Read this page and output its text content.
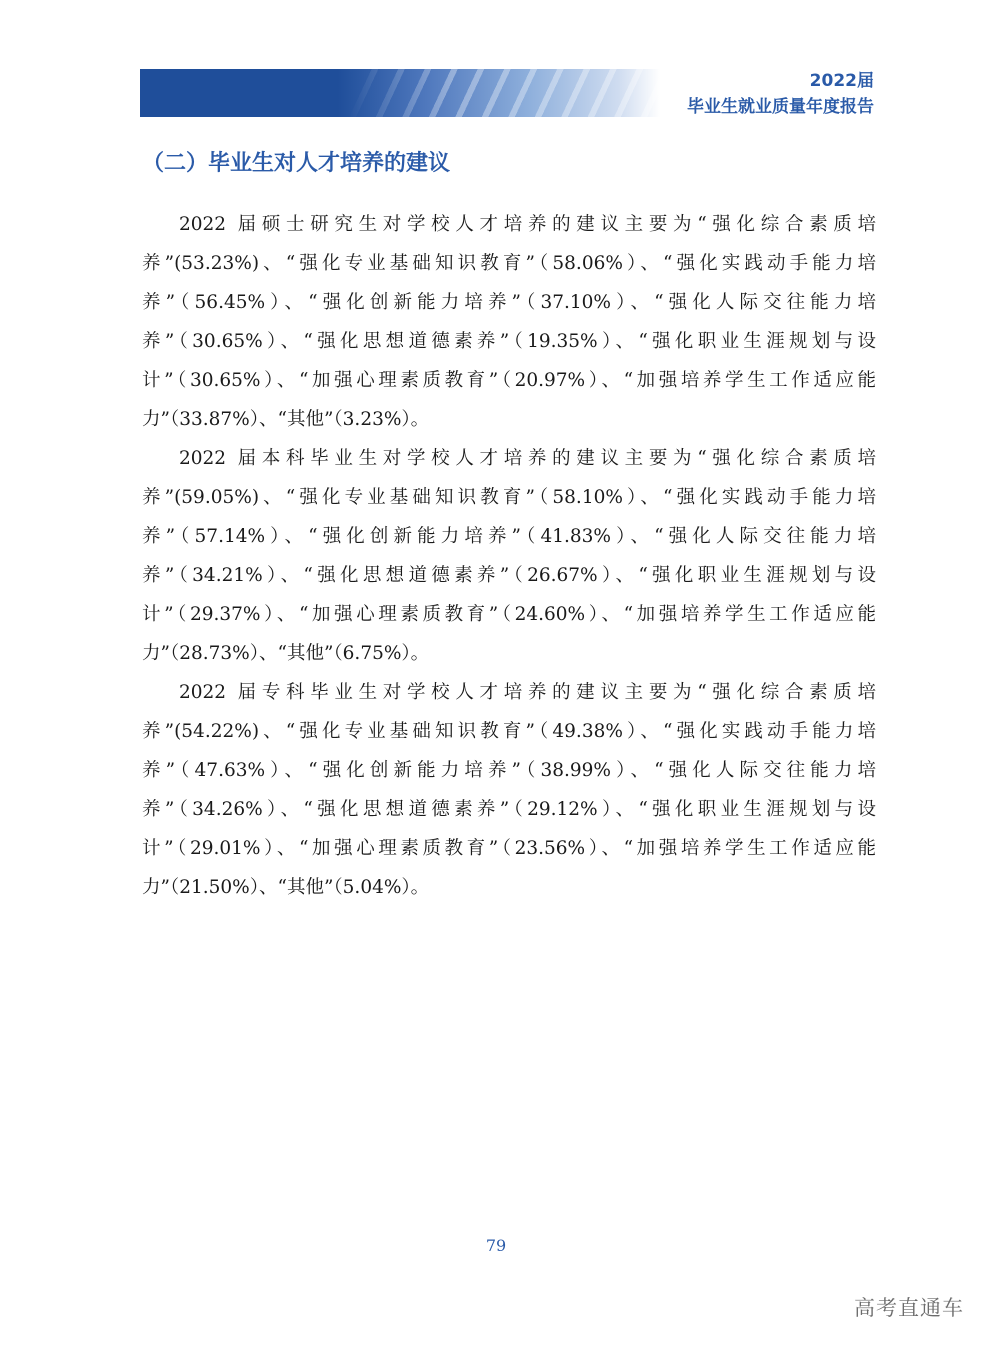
2022届
毕业生就业质量年度报告
（二）毕业生对人才培养的建议

2022 届硕士研究生对学校人才培养的建议主要为“强化综合素质培养”(53.23%)、“强化专业基础知识教育”（58.06%）、“强化实践动手能力培养”（56.45%）、“强化创新能力培养”（37.10%）、“强化人际交往能力培养”（30.65%）、“强化思想道德素养”（19.35%）、“强化职业生涯规划与设计”（30.65%）、“加强心理素质教育”（20.97%）、“加强培养学生工作适应能力”（33.87%）、“其他”（3.23%）。

2022 届本科毕业生对学校人才培养的建议主要为“强化综合素质培养”(59.05%)、“强化专业基础知识教育”（58.10%）、“强化实践动手能力培养”（57.14%）、“强化创新能力培养”（41.83%）、“强化人际交往能力培养”（34.21%）、“强化思想道德素养”（26.67%）、“强化职业生涯规划与设计”（29.37%）、“加强心理素质教育”（24.60%）、“加强培养学生工作适应能力”（28.73%）、“其他”（6.75%）。

2022 届专科毕业生对学校人才培养的建议主要为“强化综合素质培养”(54.22%)、“强化专业基础知识教育”（49.38%）、“强化实践动手能力培养”（47.63%）、“强化创新能力培养”（38.99%）、“强化人际交往能力培养”（34.26%）、“强化思想道德素养”（29.12%）、“强化职业生涯规划与设计”（29.01%）、“加强心理素质教育”（23.56%）、“加强培养学生工作适应能力”（21.50%）、“其他”（5.04%）。

79
高考直通车
